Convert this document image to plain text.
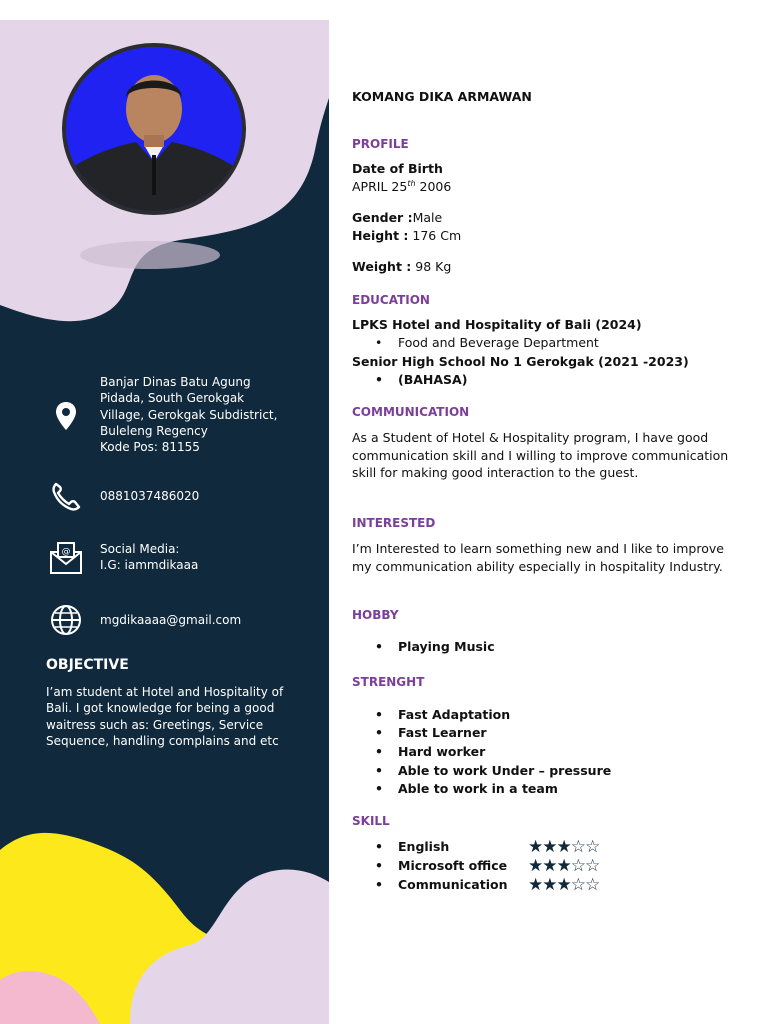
Banjar Dinas Batu Agung
Pidada, South Gerokgak
Village, Gerokgak Subdistrict,
Buleleng Regency
Kode Pos: 81155
0881037486020
@ Social Media:
I.G: iammdikaaa
mgdikaaaa@gmail.com
OBJECTIVE
I’am student at Hotel and Hospitality of Bali. I got knowledge for being a good waitress such as: Greetings, Service Sequence, handling complains and etc
KOMANG DIKA ARMAWAN
PROFILE
Date of Birth
APRIL 25th 2006
Gender :Male
Height : 176 Cm
Weight : 98 Kg
EDUCATION
LPKS Hotel and Hospitality of Bali (2024)
• Food and Beverage Department
Senior High School No 1 Gerokgak (2021 -2023)
• (BAHASA)
COMMUNICATION
As a Student of Hotel & Hospitality program, I have good communication skill and I willing to improve communication skill for making good interaction to the guest.
INTERESTED
I’m Interested to learn something new and I like to improve my communication ability especially in hospitality Industry.
HOBBY
• Playing Music
STRENGHT
• Fast Adaptation
• Fast Learner
• Hard worker
• Able to work Under – pressure
• Able to work in a team
SKILL
• English	★★★☆☆
• Microsoft office ★★★☆☆
• Communication ★★★☆☆
